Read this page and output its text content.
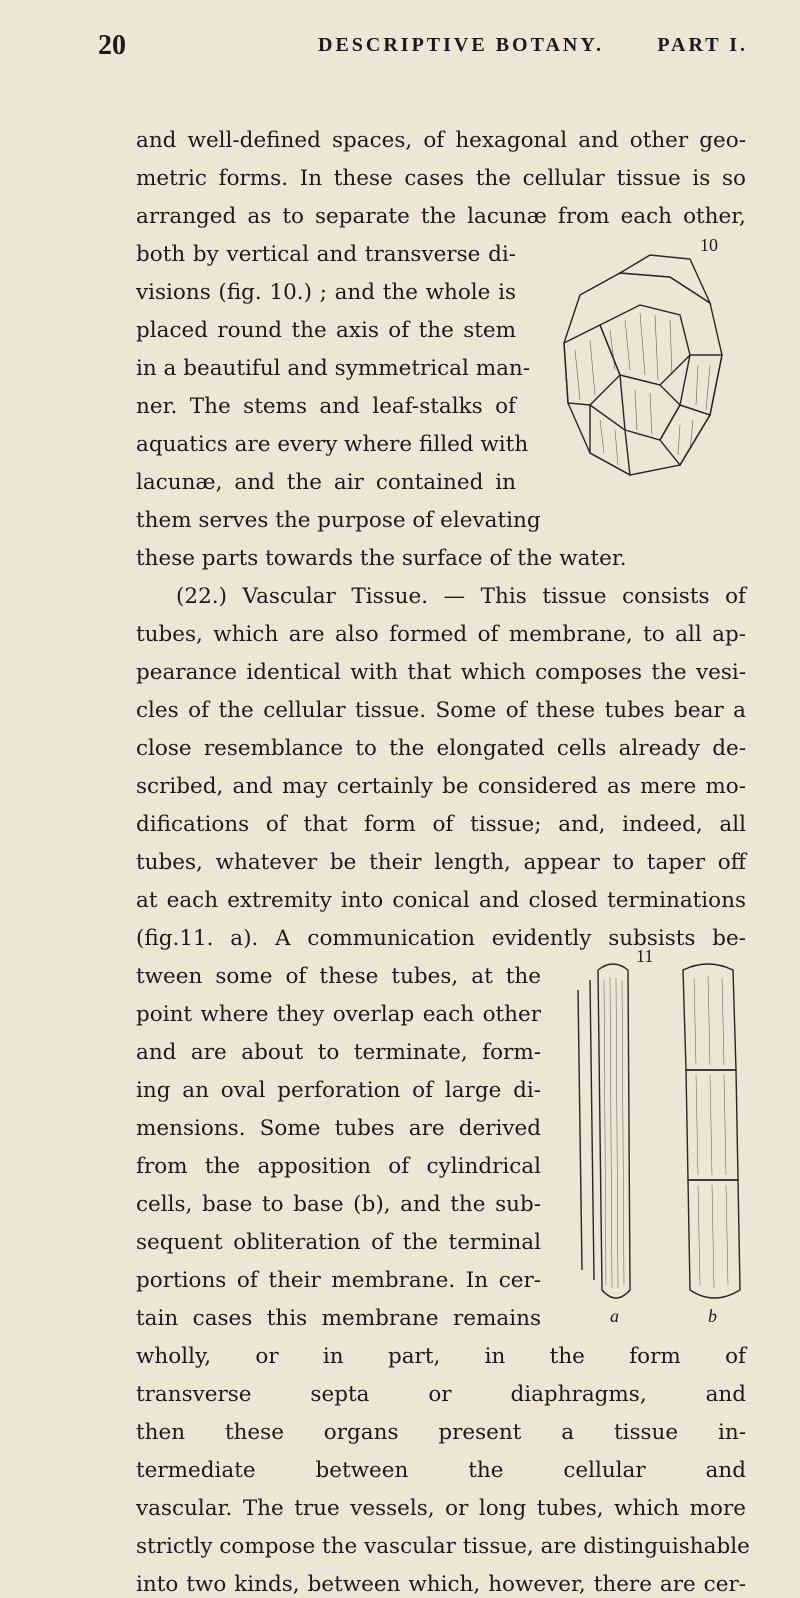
20	DESCRIPTIVE BOTANY.	PART I.
and well-defined spaces, of hexagonal and other geo-
metric forms. In these cases the cellular tissue is so
arranged as to separate the lacunæ from each other,
both by vertical and transverse di-
visions (fig. 10.) ; and the whole is
placed round the axis of the stem
in a beautiful and symmetrical man-
ner. The stems and leaf-stalks of
aquatics are every where filled with
lacunæ, and the air contained in
them serves the purpose of elevating
these parts towards the surface of the water.
(22.) Vascular Tissue. — This tissue consists of
tubes, which are also formed of membrane, to all ap-
pearance identical with that which composes the vesi-
cles of the cellular tissue. Some of these tubes bear a
close resemblance to the elongated cells already de-
scribed, and may certainly be considered as mere mo-
difications of that form of tissue; and, indeed, all
tubes, whatever be their length, appear to taper off
at each extremity into conical and closed terminations
(fig.11. a). A communication evidently subsists be-
tween some of these tubes, at the
point where they overlap each other
and are about to terminate, form-
ing an oval perforation of large di-
mensions. Some tubes are derived
from the apposition of cylindrical
cells, base to base (b), and the sub-
sequent obliteration of the terminal
portions of their membrane. In cer-
tain cases this membrane remains
wholly, or in part, in the form of
transverse septa or diaphragms, and
then these organs present a tissue in-
termediate between the cellular and
vascular. The true vessels, or long tubes, which more
strictly compose the vascular tissue, are distinguishable
into two kinds, between which, however, there are cer-
10
11
a	b
